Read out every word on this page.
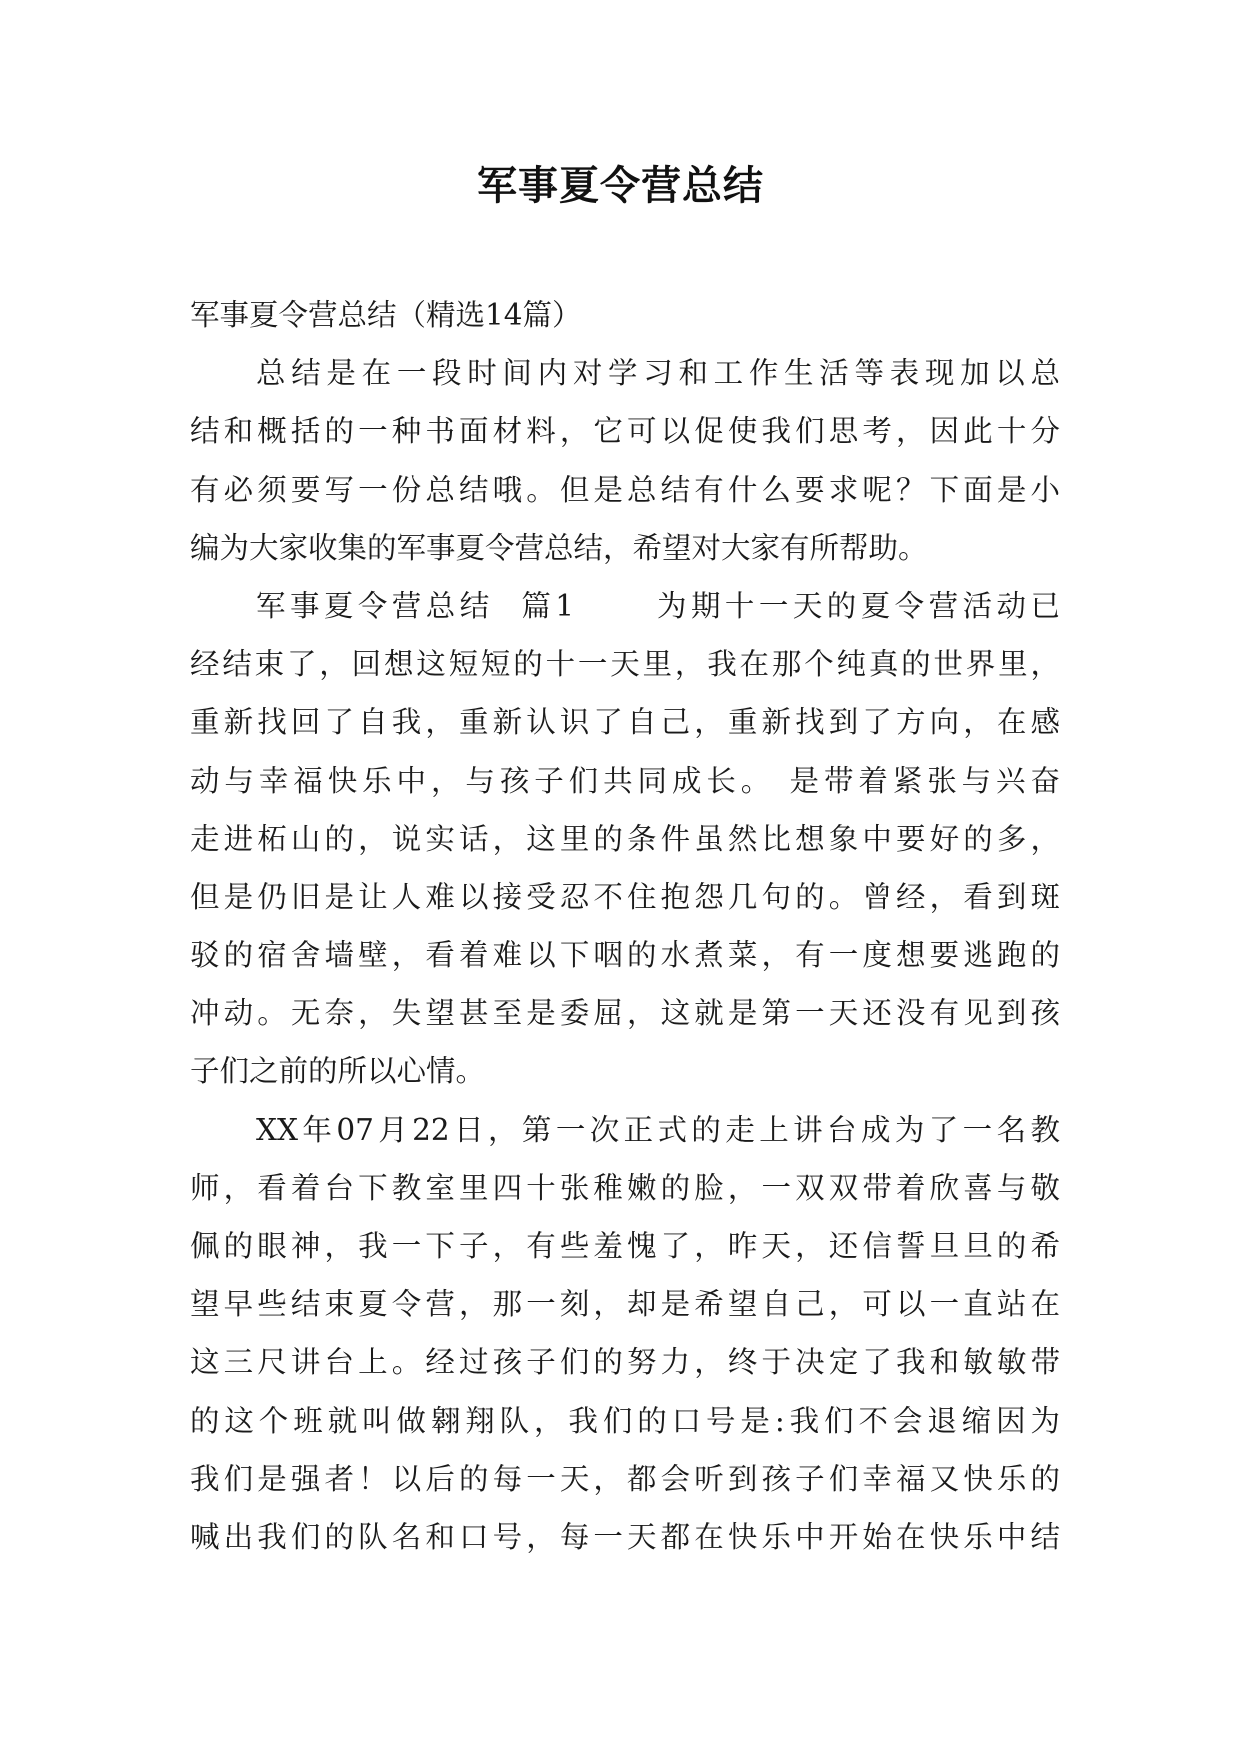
军事夏令营总结
军事夏令营总结（精选14篇）
总结是在一段时间内对学习和工作生活等表现加以总
结和概括的一种书面材料，它可以促使我们思考，因此十分
有必须要写一份总结哦。但是总结有什么要求呢？下面是小
编为大家收集的军事夏令营总结，希望对大家有所帮助。
军事夏令营总结  篇1      为期十一天的夏令营活动已
经结束了，回想这短短的十一天里，我在那个纯真的世界里，
重新找回了自我，重新认识了自己，重新找到了方向，在感
动与幸福快乐中，与孩子们共同成长。 是带着紧张与兴奋
走进柘山的，说实话，这里的条件虽然比想象中要好的多，
但是仍旧是让人难以接受忍不住抱怨几句的。曾经，看到斑
驳的宿舍墙壁，看着难以下咽的水煮菜，有一度想要逃跑的
冲动。无奈，失望甚至是委屈，这就是第一天还没有见到孩
子们之前的所以心情。
XX年07月22日，第一次正式的走上讲台成为了一名教
师，看着台下教室里四十张稚嫩的脸，一双双带着欣喜与敬
佩的眼神，我一下子，有些羞愧了，昨天，还信誓旦旦的希
望早些结束夏令营，那一刻，却是希望自己，可以一直站在
这三尺讲台上。经过孩子们的努力，终于决定了我和敏敏带
的这个班就叫做翱翔队，我们的口号是:我们不会退缩因为
我们是强者！以后的每一天，都会听到孩子们幸福又快乐的
喊出我们的队名和口号，每一天都在快乐中开始在快乐中结
